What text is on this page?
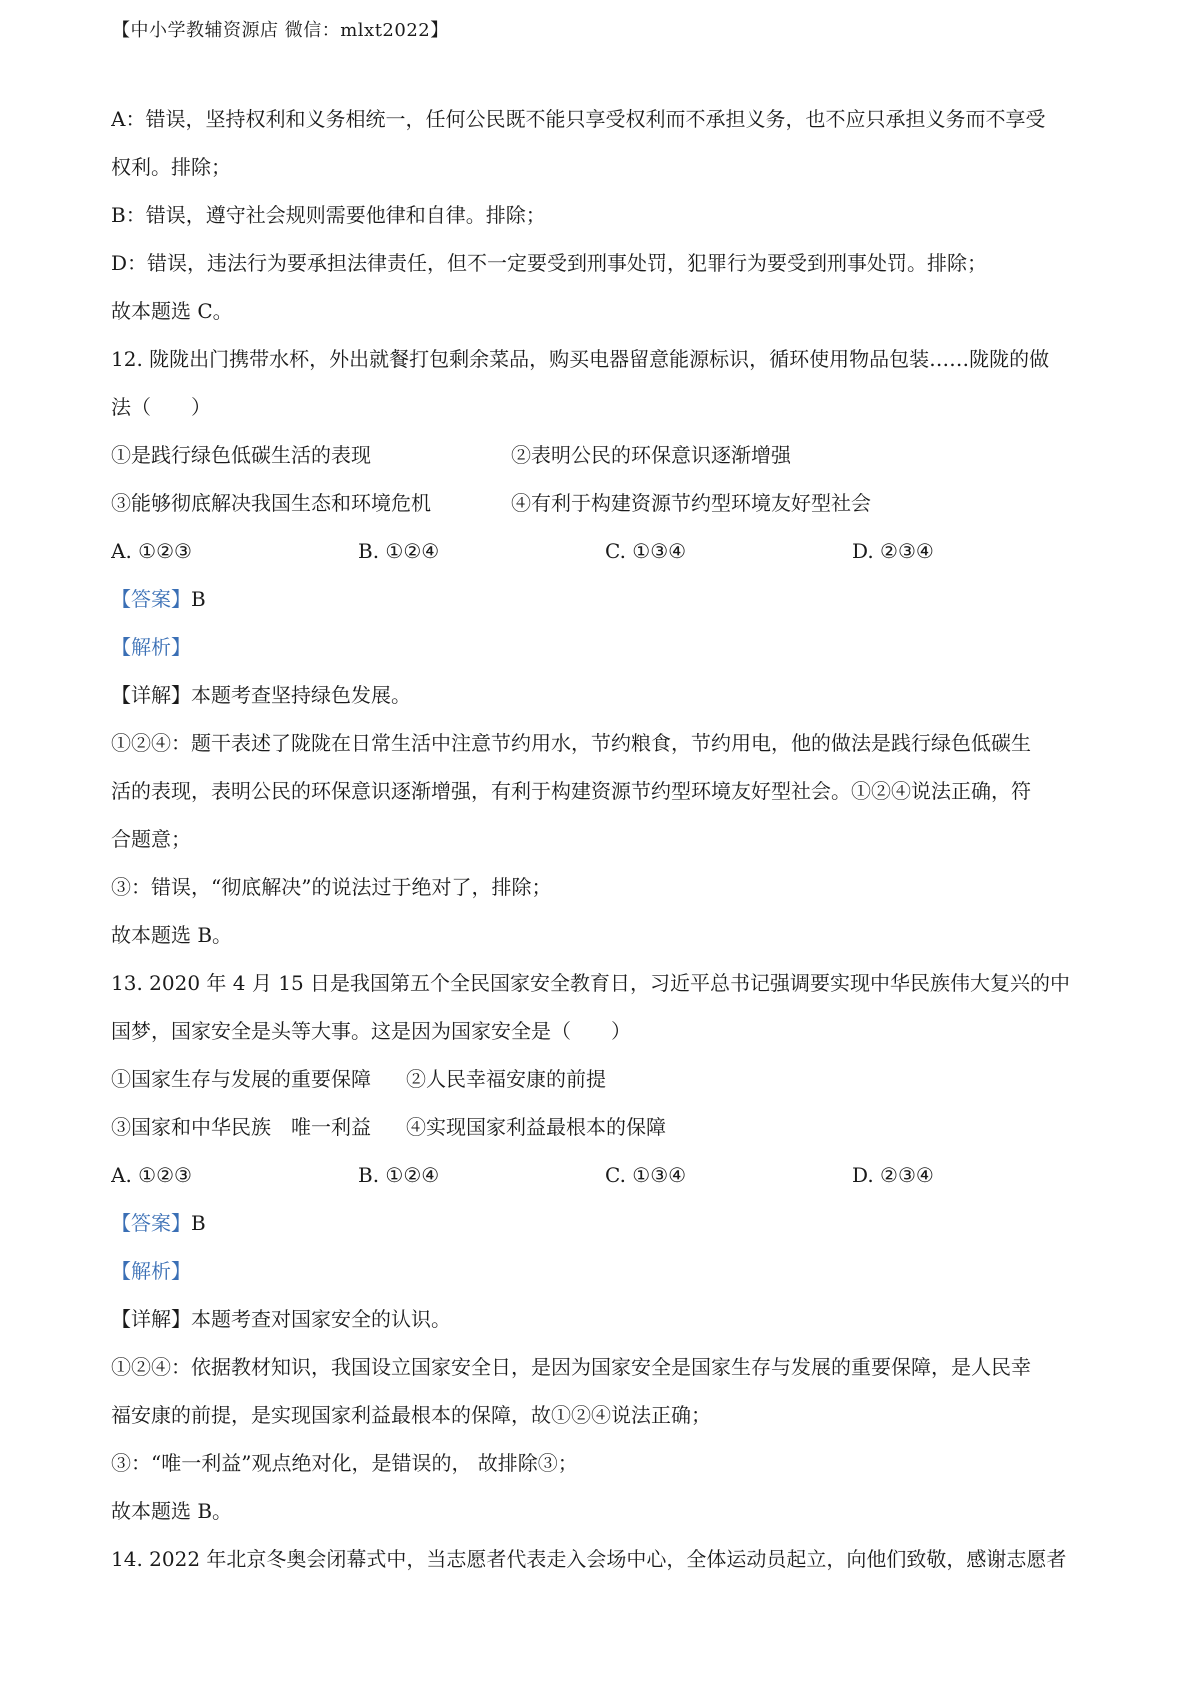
【中小学教辅资源店 微信：mlxt2022】
A：错误，坚持权利和义务相统一，任何公民既不能只享受权利而不承担义务，也不应只承担义务而不享受
权利。排除；
B：错误，遵守社会规则需要他律和自律。排除；
D：错误，违法行为要承担法律责任，但不一定要受到刑事处罚，犯罪行为要受到刑事处罚。排除；
故本题选 C。
12. 陇陇出门携带水杯，外出就餐打包剩余菜品，购买电器留意能源标识，循环使用物品包装……陇陇的做
法（　　）
①是践行绿色低碳生活的表现	②表明公民的环保意识逐渐增强
③能够彻底解决我国生态和环境危机	④有利于构建资源节约型环境友好型社会
A. ①②③	B. ①②④	C. ①③④	D. ②③④
【答案】B
【解析】
【详解】本题考查坚持绿色发展。
①②④：题干表述了陇陇在日常生活中注意节约用水，节约粮食，节约用电，他的做法是践行绿色低碳生
活的表现，表明公民的环保意识逐渐增强，有利于构建资源节约型环境友好型社会。①②④说法正确，符
合题意；
③：错误，“彻底解决”的说法过于绝对了，排除；
故本题选 B。
13. 2020 年 4 月 15 日是我国第五个全民国家安全教育日，习近平总书记强调要实现中华民族伟大复兴的中
国梦，国家安全是头等大事。这是因为国家安全是（　　）
①国家生存与发展的重要保障	②人民幸福安康的前提
③国家和中华民族　唯一利益	④实现国家利益最根本的保障
A. ①②③	B. ①②④	C. ①③④	D. ②③④
【答案】B
【解析】
【详解】本题考查对国家安全的认识。
①②④：依据教材知识，我国设立国家安全日，是因为国家安全是国家生存与发展的重要保障，是人民幸
福安康的前提，是实现国家利益最根本的保障，故①②④说法正确；
③：“唯一利益”观点绝对化，是错误的， 故排除③；
故本题选 B。
14. 2022 年北京冬奥会闭幕式中，当志愿者代表走入会场中心，全体运动员起立，向他们致敬，感谢志愿者
